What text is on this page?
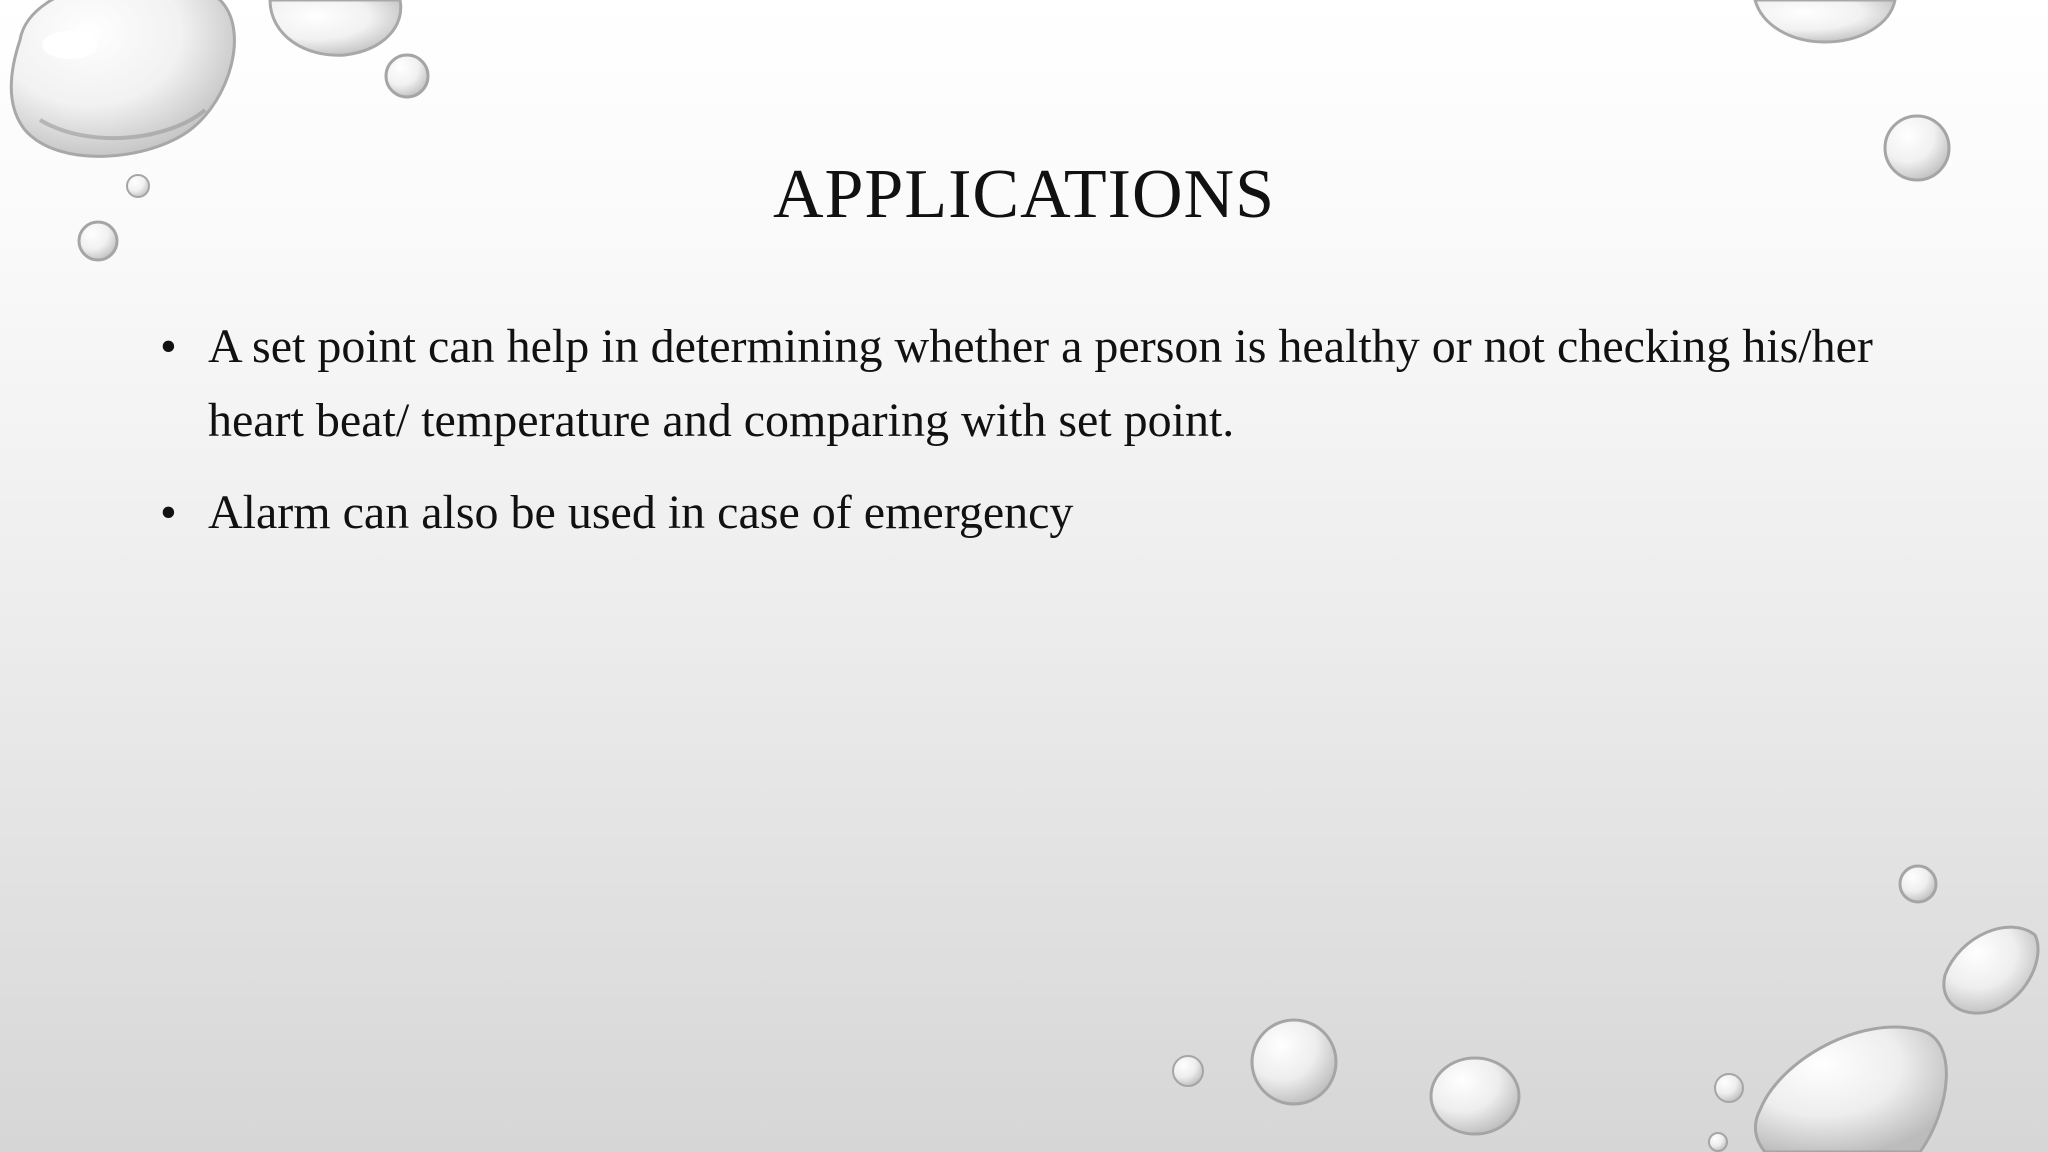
APPLICATIONS
• A set point can help in determining whether a person is healthy or not checking his/her heart beat/ temperature and comparing with set point.
• Alarm can also be used in case of emergency
